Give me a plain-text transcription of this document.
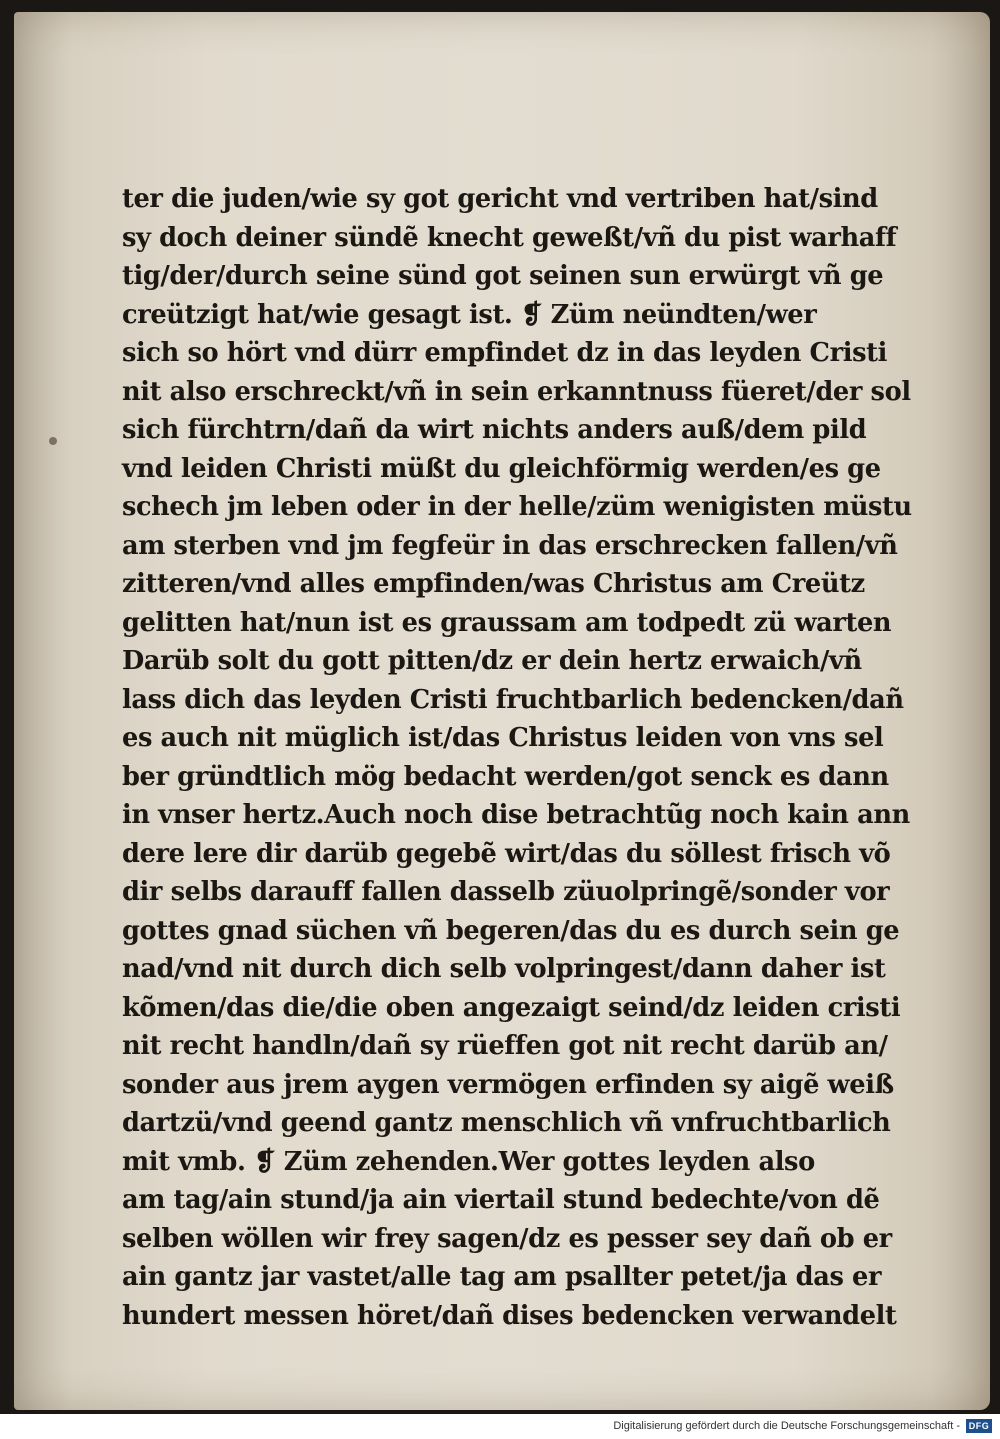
ter die juden/wie sy got gericht vnd vertriben hat/sind
sy doch deiner sündẽ knecht geweßt/vñ du pist warhaff
tig/der/durch seine sünd got seinen sun erwürgt vñ ge
creützigt hat/wie gesagt ist. ❡ Züm neündten/wer
sich so hört vnd dürr empfindet dz in das leyden Cristi
nit also erschreckt/vñ in sein erkanntnuss füeret/der sol
sich fürchtrn/dañ da wirt nichts anders auß/dem pild
vnd leiden Christi müßt du gleichförmig werden/es ge
schech jm leben oder in der helle/züm wenigisten müstu
am sterben vnd jm fegfeür in das erschrecken fallen/vñ
zitteren/vnd alles empfinden/was Christus am Creütz
gelitten hat/nun ist es graussam am todpedt zü warten
Darüb solt du gott pitten/dz er dein hertz erwaich/vñ
lass dich das leyden Cristi fruchtbarlich bedencken/dañ
es auch nit müglich ist/das Christus leiden von vns sel
ber gründtlich mög bedacht werden/got senck es dann
in vnser hertz.Auch noch dise betrachtũg noch kain ann
dere lere dir darüb gegebẽ wirt/das du söllest frisch võ
dir selbs darauff fallen dasselb züuolpringẽ/sonder vor
gottes gnad süchen vñ begeren/das du es durch sein ge
nad/vnd nit durch dich selb volpringest/dann daher ist
kõmen/das die/die oben angezaigt seind/dz leiden cristi
nit recht handln/dañ sy rüeffen got nit recht darüb an/
sonder aus jrem aygen vermögen erfinden sy aigẽ weiß
dartzü/vnd geend gantz menschlich vñ vnfruchtbarlich
mit vmb. ❡ Züm zehenden.Wer gottes leyden also
am tag/ain stund/ja ain viertail stund bedechte/von dẽ
selben wöllen wir frey sagen/dz es pesser sey dañ ob er
ain gantz jar vastet/alle tag am psallter petet/ja das er
hundert messen höret/dañ dises bedencken verwandelt
Digitalisierung gefördert durch die Deutsche Forschungsgemeinschaft - DFG
